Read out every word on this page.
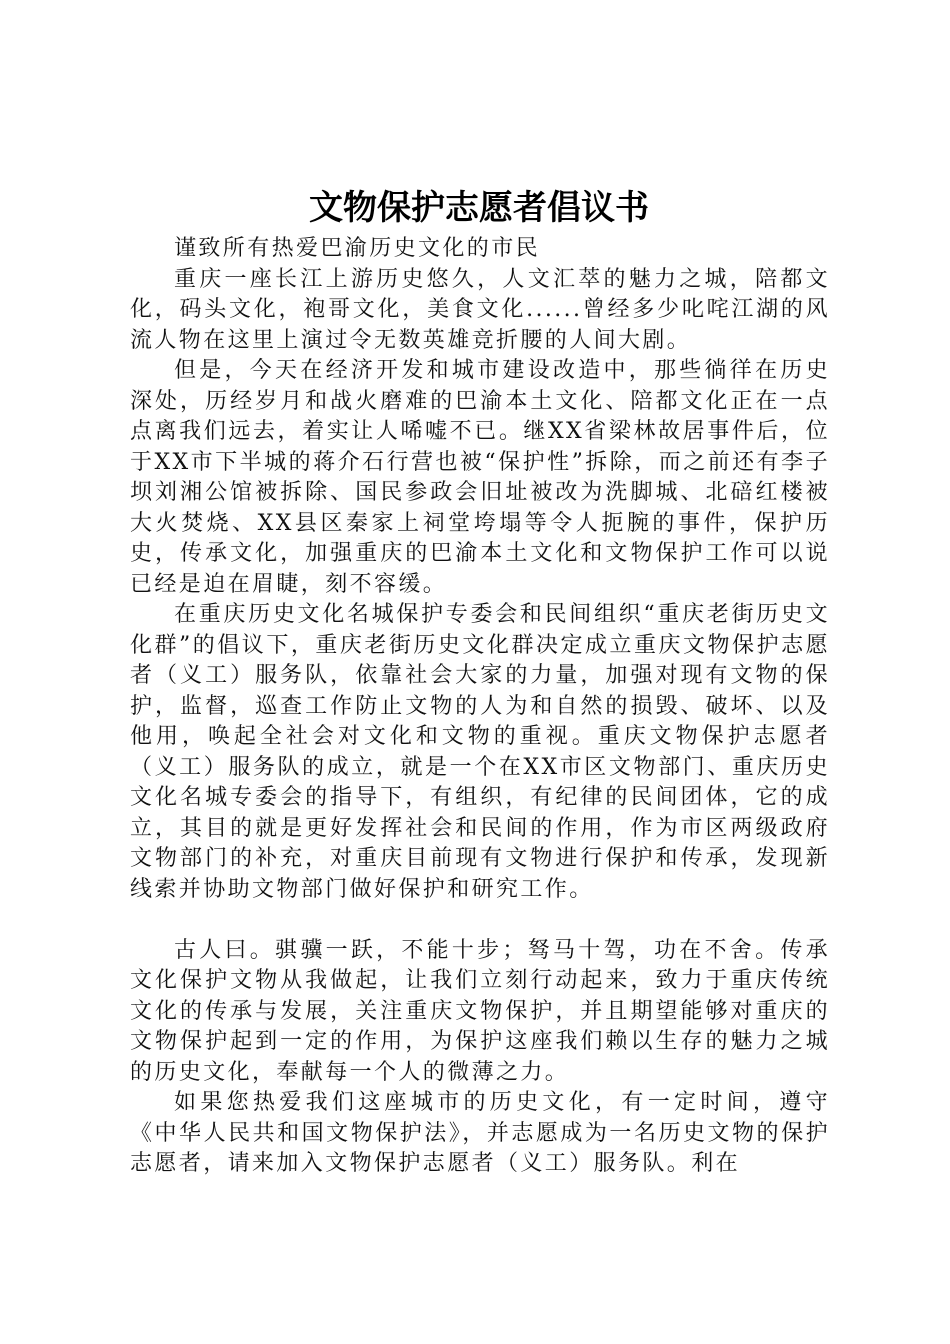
文物保护志愿者倡议书

谨致所有热爱巴渝历史文化的市民

重庆一座长江上游历史悠久，人文汇萃的魅力之城，陪都文化，码头文化，袍哥文化，美食文化......曾经多少叱咤江湖的风流人物在这里上演过令无数英雄竞折腰的人间大剧。

但是，今天在经济开发和城市建设改造中，那些徜徉在历史深处，历经岁月和战火磨难的巴渝本土文化、陪都文化正在一点点离我们远去，着实让人唏嘘不已。继XX省梁林故居事件后，位于XX市下半城的蒋介石行营也被“保护性”拆除，而之前还有李子坝刘湘公馆被拆除、国民参政会旧址被改为洗脚城、北碚红楼被大火焚烧、XX县区秦家上祠堂垮塌等令人扼腕的事件，保护历史，传承文化，加强重庆的巴渝本土文化和文物保护工作可以说已经是迫在眉睫，刻不容缓。

在重庆历史文化名城保护专委会和民间组织“重庆老街历史文化群”的倡议下，重庆老街历史文化群决定成立重庆文物保护志愿者（义工）服务队，依靠社会大家的力量，加强对现有文物的保护，监督，巡查工作防止文物的人为和自然的损毁、破坏、以及他用，唤起全社会对文化和文物的重视。重庆文物保护志愿者（义工）服务队的成立，就是一个在XX市区文物部门、重庆历史文化名城专委会的指导下，有组织，有纪律的民间团体，它的成立，其目的就是更好发挥社会和民间的作用，作为市区两级政府文物部门的补充，对重庆目前现有文物进行保护和传承，发现新线索并协助文物部门做好保护和研究工作。

古人曰。骐骥一跃，不能十步；驽马十驾，功在不舍。传承文化保护文物从我做起，让我们立刻行动起来，致力于重庆传统文化的传承与发展，关注重庆文物保护，并且期望能够对重庆的文物保护起到一定的作用，为保护这座我们赖以生存的魅力之城的历史文化，奉献每一个人的微薄之力。

如果您热爱我们这座城市的历史文化，有一定时间，遵守《中华人民共和国文物保护法》，并志愿成为一名历史文物的保护志愿者，请来加入文物保护志愿者（义工）服务队。利在
